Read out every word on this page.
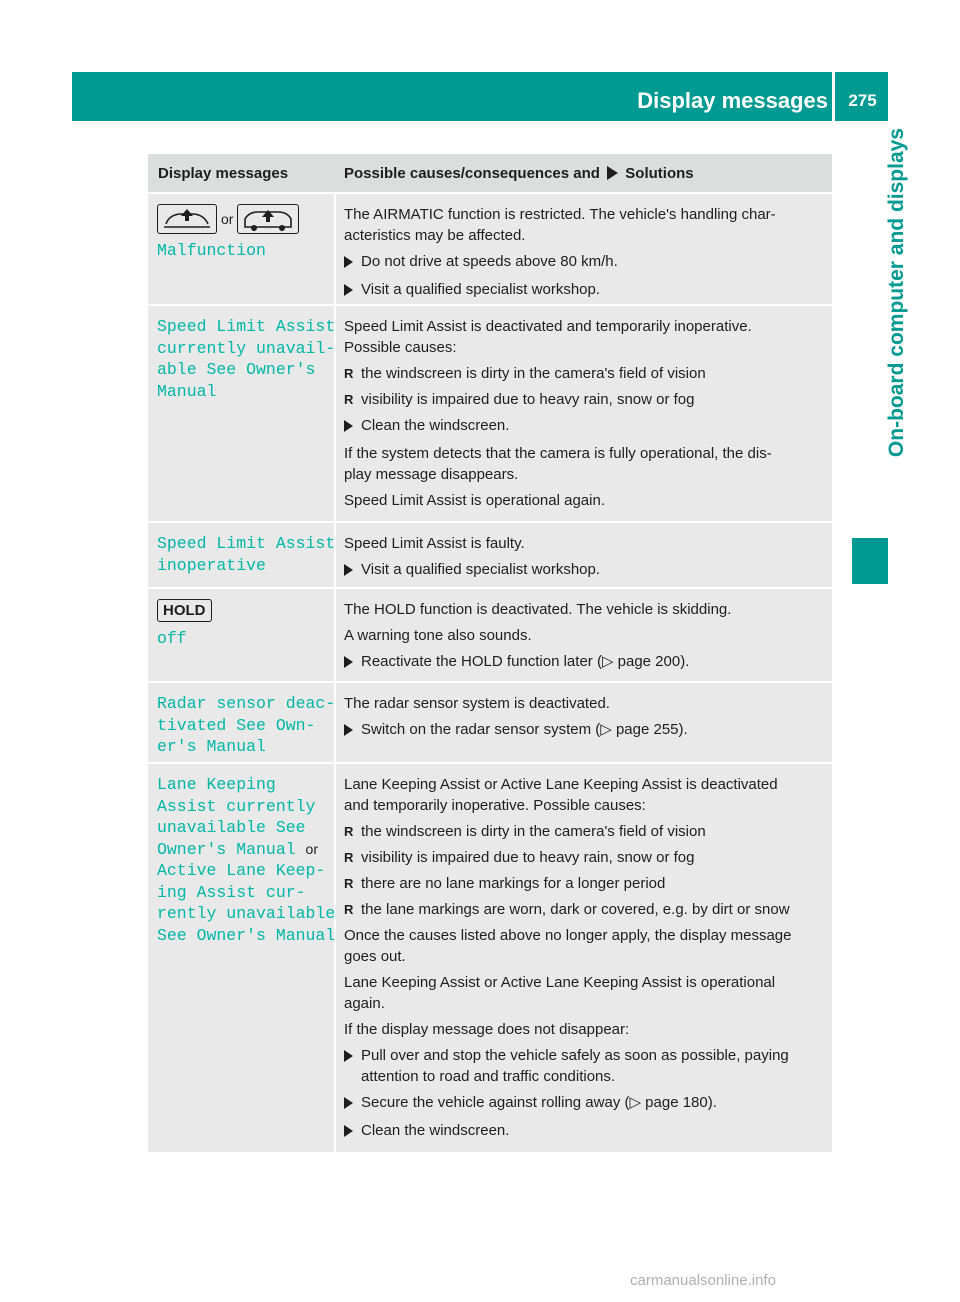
Display messages	275
On-board computer and displays
Display messages	Possible causes/consequences and Solutions
or
Malfunction

The AIRMATIC function is restricted. The vehicle's handling char-
acteristics may be affected.

Do not drive at speeds above 80 km/h.
Visit a qualified specialist workshop.
Speed Limit Assist
currently unavail‐
able See Owner's
Manual

Speed Limit Assist is deactivated and temporarily inoperative.
Possible causes:

R the windscreen is dirty in the camera's field of vision
R visibility is impaired due to heavy rain, snow or fog
Clean the windscreen.

If the system detects that the camera is fully operational, the dis-
play message disappears.

Speed Limit Assist is operational again.

Speed Limit Assist
inoperative

Speed Limit Assist is faulty.

Visit a qualified specialist workshop.
HOLD
off

The HOLD function is deactivated. The vehicle is skidding.

A warning tone also sounds.

Reactivate the HOLD function later (▷ page 200).
Radar sensor deac‐
tivated See Own‐
er's Manual

The radar sensor system is deactivated.

Switch on the radar sensor system (▷ page 255).
Lane Keeping
Assist currently
unavailable See
Owner's Manual or
Active Lane Keep‐
ing Assist cur‐
rently unavailable
See Owner's Manual

Lane Keeping Assist or Active Lane Keeping Assist is deactivated
and temporarily inoperative. Possible causes:

R the windscreen is dirty in the camera's field of vision
R visibility is impaired due to heavy rain, snow or fog
R there are no lane markings for a longer period
R the lane markings are worn, dark or covered, e.g. by dirt or snow

Once the causes listed above no longer apply, the display message
goes out.

Lane Keeping Assist or Active Lane Keeping Assist is operational
again.

If the display message does not disappear:

Pull over and stop the vehicle safely as soon as possible, paying
attention to road and traffic conditions.
Secure the vehicle against rolling away (▷ page 180).
Clean the windscreen.
carmanualsonline.info
